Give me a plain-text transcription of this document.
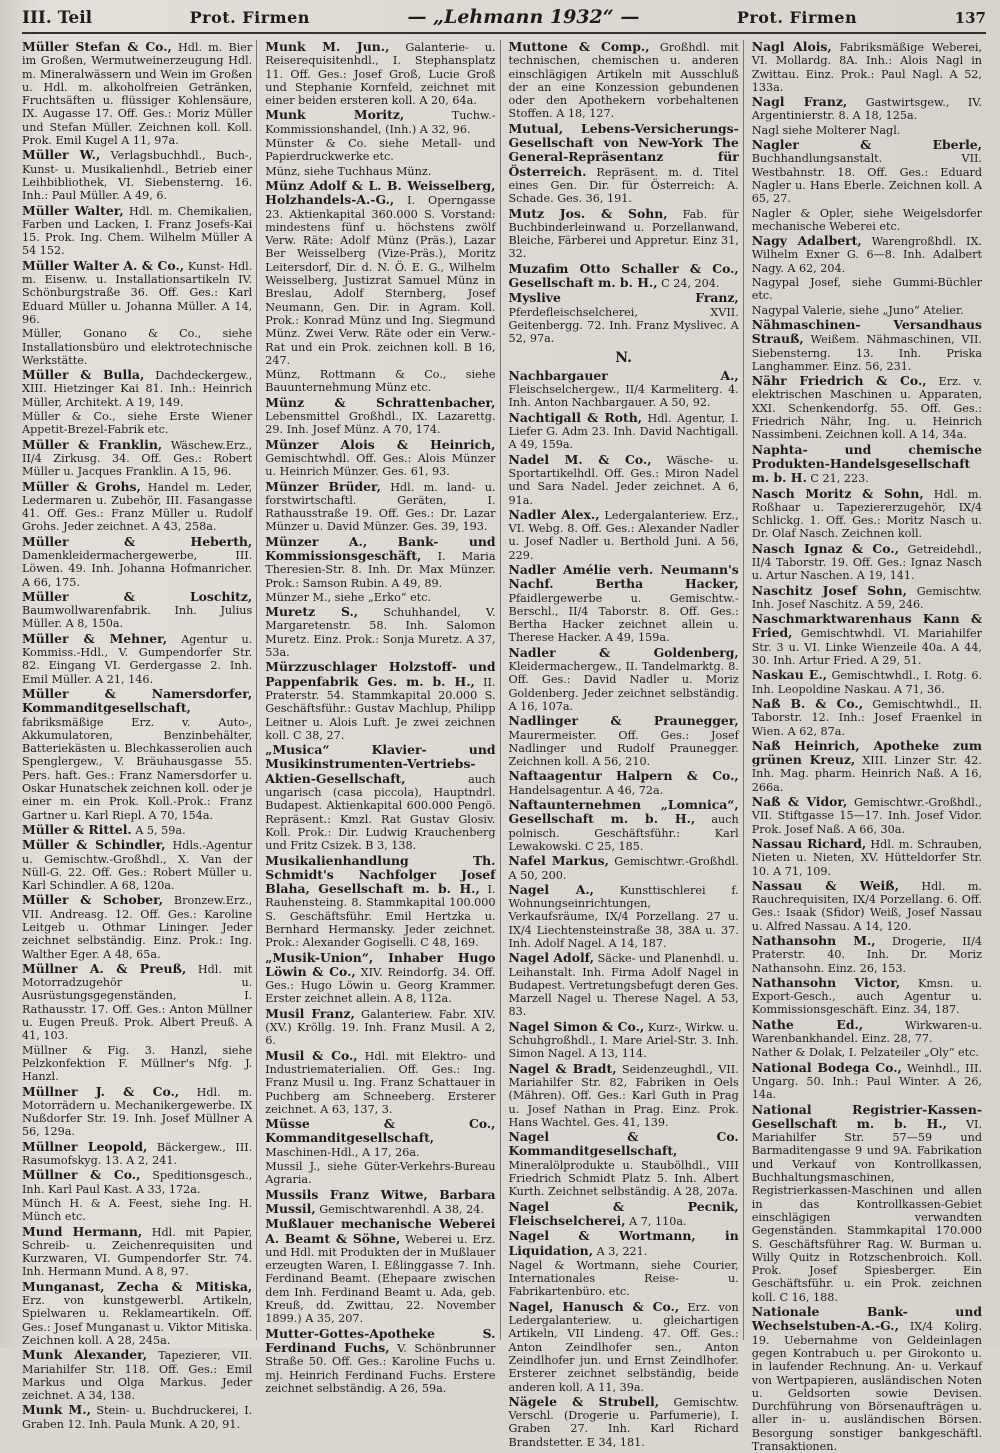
III. Teil	Prot. Firmen	— „Lehmann 1932“ —	Prot. Firmen	137
Müller Stefan & Co., Hdl. m. Bier im Großen, Wermutweinerzeugung Hdl. m. Mineralwässern und Wein im Großen u. Hdl. m. alkoholfreien Getränken, Fruchtsäften u. flüssiger Kohlensäure, IX. Augasse 17. Off. Ges.: Moriz Müller und Stefan Müller. Zeichnen koll. Koll. Prok. Emil Kugel A 11, 97a.
Müller W., Verlagsbuchhdl., Buch-, Kunst- u. Musikalienhdl., Betrieb einer Leihbibliothek, VI. Siebensterng. 16. Inh.: Paul Müller. A 49, 6.
Müller Walter, Hdl. m. Chemikalien, Farben und Lacken, I. Franz Josefs-Kai 15. Prok. Ing. Chem. Wilhelm Müller A 54 152.
Müller Walter A. & Co., Kunst- Hdl. m. Eisenw. u. Installationsartikeln IV. Schönburgstraße 36. Off. Ges.: Karl Eduard Müller u. Johanna Müller. A 14, 96.
Müller, Gonano & Co., siehe Installationsbüro und elektrotechnische Werkstätte.
Müller & Bulla, Dachdeckergew., XIII. Hietzinger Kai 81. Inh.: Heinrich Müller, Architekt. A 19, 149.
Müller & Co., siehe Erste Wiener Appetit-Brezel-Fabrik etc.
Müller & Franklin, Wäschew.Erz., II/4 Zirkusg. 34. Off. Ges.: Robert Müller u. Jacques Franklin. A 15, 96.
Müller & Grohs, Handel m. Leder, Ledermaren u. Zubehör, III. Fasangasse 41. Off. Ges.: Franz Müller u. Rudolf Grohs. Jeder zeichnet. A 43, 258a.
Müller & Heberth, Damenkleidermachergewerbe, III. Löwen. 49. Inh. Johanna Hofmanricher. A 66, 175.
Müller & Loschitz, Baumwollwarenfabrik. Inh. Julius Müller. A 8, 150a.
Müller & Mehner, Agentur u. Kommiss.-Hdl., V. Gumpendorfer Str. 82. Eingang VI. Gerdergasse 2. Inh. Emil Müller. A 21, 146.
Müller & Namersdorfer, Kommanditgesellschaft, fabriksmäßige Erz. v. Auto-, Akkumulatoren, Benzinbehälter, Batteriekästen u. Blechkasserolien auch Spenglergew., V. Bräuhausgasse 55. Pers. haft. Ges.: Franz Namersdorfer u. Oskar Hunatschek zeichnen koll. oder je einer m. ein Prok. Koll.-Prok.: Franz Gartner u. Karl Riepl. A 70, 154a.
Müller & Rittel. A 5, 59a.
Müller & Schindler, Hdls.-Agentur u. Gemischtw.-Großhdl., X. Van der Nüll-G. 22. Off. Ges.: Robert Müller u. Karl Schindler. A 68, 120a.
Müller & Schober, Bronzew.Erz., VII. Andreasg. 12. Off. Ges.: Karoline Leitgeb u. Othmar Lininger. Jeder zeichnet selbständig. Einz. Prok.: Ing. Walther Eger. A 48, 65a.
Müllner A. & Preuß, Hdl. mit Motorradzugehör u. Ausrüstungsgegenständen, I. Rathausstr. 17. Off. Ges.: Anton Müllner u. Eugen Preuß. Prok. Albert Preuß. A 41, 103.
Müllner & Fig. 3. Hanzl, siehe Pelzkonfektion F. Müllner's Nfg. J. Hanzl.
Müllner J. & Co., Hdl. m. Motorrädern u. Mechanikergewerbe. IX Nußdorfer Str. 19. Inh. Josef Müllner A 56, 129a.
Müllner Leopold, Bäckergew., III. Rasumofskyg. 13. A 2, 241.
Müllner & Co., Speditionsgesch., Inh. Karl Paul Kast. A 33, 172a.
Münch H. & A. Feest, siehe Ing. H. Münch etc.
Mund Hermann, Hdl. mit Papier, Schreib- u. Zeichenrequisiten und Kurzwaren, VI. Gumpendorfer Str. 74. Inh. Hermann Mund. A 8, 97.
Munganast, Zecha & Mitiska, Erz. von kunstgewerbl. Artikeln, Spielwaren u. Reklameartikeln. Off. Ges.: Josef Munganast u. Viktor Mitiska. Zeichnen koll. A 28, 245a.
Munk Alexander, Tapezierer, VII. Mariahilfer Str. 118. Off. Ges.: Emil Markus und Olga Markus. Jeder zeichnet. A 34, 138.
Munk M., Stein- u. Buchdruckerei, I. Graben 12. Inh. Paula Munk. A 20, 91.
Munk M. Jun., Galanterie- u. Reiserequisitenhdl., I. Stephansplatz 11. Off. Ges.: Josef Groß, Lucie Groß und Stephanie Kornfeld, zeichnet mit einer beiden ersteren koll. A 20, 64a.
Munk Moritz,	Tuchw.-Kommissionshandel, (Inh.) A 32, 96.
Münster & Co. siehe Metall- und Papierdruckwerke etc.
Münz, siehe Tuchhaus Münz.
Münz Adolf & L. B. Weisselberg, Holzhandels-A.-G., I. Operngasse 23. Aktienkapital 360.000 S. Vorstand: mindestens fünf u. höchstens zwölf Verw. Räte: Adolf Münz (Präs.), Lazar Ber Weisselberg (Vize-Präs.), Moritz Leitersdorf, Dir. d. N. Ö. E. G., Wilhelm Weisselberg, Justizrat Samuel Münz in Breslau, Adolf Sternberg, Josef Neumann, Gen. Dir. in Agram. Koll. Prok.: Konrad Münz und Ing. Siegmund Münz. Zwei Verw. Räte oder ein Verw.-Rat und ein Prok. zeichnen koll. B 16, 247.
Münz, Rottmann & Co., siehe Bauunternehmung Münz etc.
Münz & Schrattenbacher, Lebensmittel Großhdl., IX. Lazarettg. 29. Inh. Josef Münz. A 70, 174.
Münzer Alois & Heinrich, Gemischtwhdl. Off. Ges.: Alois Münzer u. Heinrich Münzer. Ges. 61, 93.
Münzer Brüder, Hdl. m. land- u. forstwirtschaftl. Geräten, I. Rathausstraße 19. Off. Ges.: Dr. Lazar Münzer u. David Münzer. Ges. 39, 193.
Münzer A., Bank- und Kommissionsgeschäft, I. Maria Theresien-Str. 8. Inh. Dr. Max Münzer. Prok.: Samson Rubin. A 49, 89.
Münzer M., siehe „Erko“ etc.
Muretz S., Schuhhandel, V. Margaretenstr. 58. Inh. Salomon Muretz. Einz. Prok.: Sonja Muretz. A 37, 53a.
Mürzzuschlager Holzstoff- und Pappenfabrik Ges. m. b. H., II. Praterstr. 54. Stammkapital 20.000 S. Geschäftsführ.: Gustav Machlup, Philipp Leitner u. Alois Luft. Je zwei zeichnen koll. C 38, 27.
„Musica“ Klavier- und Musikinstrumenten-Vertriebs-Aktien-Gesellschaft,	auch ungarisch (casa piccola), Hauptndrl. Budapest. Aktienkapital 600.000 Pengö. Repräsent.: Kmzl. Rat Gustav Glosiv. Koll. Prok.: Dir. Ludwig Krauchenberg und Fritz Csizek. B 3, 138.
Musikalienhandlung Th. Schmidt's Nachfolger Josef Blaha, Gesellschaft m. b. H., I. Rauhensteing. 8. Stammkapital 100.000 S. Geschäftsführ. Emil Hertzka u. Bernhard Hermansky. Jeder zeichnet. Prok.: Alexander Gogiselli. C 48, 169.
„Musik-Union“, Inhaber Hugo Löwin & Co., XIV. Reindorfg. 34. Off. Ges.: Hugo Löwin u. Georg Krammer. Erster zeichnet allein. A 8, 112a.
Musil Franz, Galanteriew. Fabr. XIV. (XV.) Kröllg. 19. Inh. Franz Musil. A 2, 6.
Musil & Co., Hdl. mit Elektro- und Industriematerialien. Off. Ges.: Ing. Franz Musil u. Ing. Franz Schattauer in Puchberg am Schneeberg. Ersterer zeichnet. A 63, 137, 3.
Müsse & Co., Kommanditgesellschaft, Maschinen-Hdl., A 17, 26a.
Mussil J., siehe Güter-Verkehrs-Bureau Agraria.
Mussils Franz Witwe, Barbara Mussil, Gemischtwarenhdl. A 38, 24.
Mußlauer mechanische Weberei A. Beamt & Söhne, Weberei u. Erz. und Hdl. mit Produkten der in Mußlauer erzeugten Waren, I. Eßlinggasse 7. Inh. Ferdinand Beamt. (Ehepaare zwischen dem Inh. Ferdinand Beamt u. Ada, geb. Kreuß, dd. Zwittau, 22. November 1899.) A 35, 207.
Mutter-Gottes-Apotheke S. Ferdinand Fuchs, V. Schönbrunner Straße 50. Off. Ges.: Karoline Fuchs u. mj. Heinrich Ferdinand Fuchs. Erstere zeichnet selbständig. A 26, 59a.
Muttone & Comp., Großhdl. mit technischen, chemischen u. anderen einschlägigen Artikeln mit Ausschluß der an eine Konzession gebundenen oder den Apothekern vorbehaltenen Stoffen. A 18, 127.
Mutual, Lebens-Versicherungs-Gesellschaft von New-York The General-Repräsentanz für Österreich. Repräsent. m. d. Titel eines Gen. Dir. für Österreich: A. Schade. Ges. 36, 191.
Mutz Jos. & Sohn, Fab. für Buchbinderleinwand u. Porzellanwand, Bleiche, Färberei und Appretur. Einz 31, 32.
Muzafim Otto Schaller & Co., Gesellschaft m. b. H., C 24, 204.
Myslive Franz, Pferdefleischselcherei, XVII. Geitenbergg. 72. Inh. Franz Myslivec. A 52, 97a.
N.
Nachbargauer A., Fleischselchergew., II/4 Karmeliterg. 4. Inh. Anton Nachbargauer. A 50, 92.
Nachtigall & Roth, Hdl. Agentur, I. Liefer G. Adm 23. Inh. David Nachtigall. A 49, 159a.
Nadel M. & Co., Wäsche- u. Sportartikelhdl. Off. Ges.: Miron Nadel und Sara Nadel. Jeder zeichnet. A 6, 91a.
Nadler Alex., Ledergalanteriew. Erz., VI. Webg. 8. Off. Ges.: Alexander Nadler u. Josef Nadler u. Berthold Juni. A 56, 229.
Nadler Amélie verh. Neumann's Nachf. Bertha Hacker, Pfaidlergewerbe u. Gemischtw.-Berschl., II/4 Taborstr. 8. Off. Ges.: Bertha Hacker zeichnet allein u. Therese Hacker. A 49, 159a.
Nadler & Goldenberg, Kleidermachergew., II. Tandelmarktg. 8. Off. Ges.: David Nadler u. Moriz Goldenberg. Jeder zeichnet selbständig. A 16, 107a.
Nadlinger & Praunegger, Maurermeister. Off. Ges.: Josef Nadlinger und Rudolf Praunegger. Zeichnen koll. A 56, 210.
Naftaagentur Halpern & Co., Handelsagentur. A 46, 72a.
Naftaunternehmen „Lomnica“, Gesellschaft m. b. H., auch polnisch. Geschäftsführ.: Karl Lewakowski. C 25, 185.
Nafel Markus, Gemischtwr.-Großhdl. A 50, 200.
Nagel A., Kunsttischlerei f. Wohnungseinrichtungen, Verkaufsräume, IX/4 Porzellang. 27 u. IX/4 Liechtensteinstraße 38, 38A u. 37. Inh. Adolf Nagel. A 14, 187.
Nagel Adolf, Säcke- und Planenhdl. u. Leihanstalt. Inh. Firma Adolf Nagel in Budapest. Vertretungsbefugt deren Ges. Marzell Nagel u. Therese Nagel. A 53, 83.
Nagel Simon & Co., Kurz-, Wirkw. u. Schuhgroßhdl., I. Mare Ariel-Str. 3. Inh. Simon Nagel. A 13, 114.
Nagel & Bradt, Seidenzeughdl., VII. Mariahilfer Str. 82, Fabriken in Oels (Mähren). Off. Ges.: Karl Guth in Prag u. Josef Nathan in Prag. Einz. Prok. Hans Wachtel. Ges. 41, 139.
Nagel & Co. Kommanditgesellschaft, Mineralölprodukte u. Staubölhdl., VIII Friedrich Schmidt Platz 5. Inh. Albert Kurth. Zeichnet selbständig. A 28, 207a.
Nagel & Pecnik, Fleischselcherei, A 7, 110a.
Nagel & Wortmann, in Liquidation, A 3, 221.
Nagel & Wortmann, siehe Courier, Internationales Reise- u. Fabrikartenbüro. etc.
Nagel, Hanusch & Co., Erz. von Ledergalanteriew. u. gleichartigen Artikeln, VII Lindeng. 47. Off. Ges.: Anton Zeindlhofer sen., Anton Zeindlhofer jun. und Ernst Zeindlhofer. Ersterer zeichnet selbständig, beide anderen koll. A 11, 39a.
Nägele & Strubell, Gemischtw. Verschl. (Drogerie u. Parfumerie), I. Graben 27. Inh. Karl Richard Brandstetter. E 34, 181.
Nagl Alois, Fabriksmäßige Weberei, VI. Mollardg. 8A. Inh.: Alois Nagl in Zwittau. Einz. Prok.: Paul Nagl. A 52, 133a.
Nagl Franz, Gastwirtsgew., IV. Argentinierstr. 8. A 18, 125a.
Nagl siehe Molterer Nagl.
Nagler & Eberle, Buchhandlungsanstalt. VII. Westbahnstr. 18. Off. Ges.: Eduard Nagler u. Hans Eberle. Zeichnen koll. A 65, 27.
Nagler & Opler, siehe Weigelsdorfer mechanische Weberei etc.
Nagy Adalbert, Warengroßhdl. IX. Wilhelm Exner G. 6—8. Inh. Adalbert Nagy. A 62, 204.
Nagypal Josef, siehe Gummi-Büchler etc.
Nagypal Valerie, siehe „Juno“ Atelier.
Nähmaschinen- Versandhaus Strauß, Weißem. Nähmaschinen, VII. Siebensterng. 13. Inh. Priska Langhammer. Einz. 56, 231.
Nähr Friedrich & Co., Erz. v. elektrischen Maschinen u. Apparaten, XXI. Schenkendorfg. 55. Off. Ges.: Friedrich Nähr, Ing. u. Heinrich Nassimbeni. Zeichnen koll. A 14, 34a.
Naphta- und chemische Produkten-Handelsgesellschaft m. b. H. C 21, 223.
Nasch Moritz & Sohn, Hdl. m. Roßhaar u. Tapeziererzugehör, IX/4 Schlickg. 1. Off. Ges.: Moritz Nasch u. Dr. Olaf Nasch. Zeichnen koll.
Nasch Ignaz & Co., Getreidehdl., II/4 Taborstr. 19. Off. Ges.: Ignaz Nasch u. Artur Naschen. A 19, 141.
Naschitz Josef Sohn, Gemischtw. Inh. Josef Naschitz. A 59, 246.
Naschmarktwarenhaus Kann & Fried, Gemischtwhdl. VI. Mariahilfer Str. 3 u. VI. Linke Wienzeile 40a. A 44, 30. Inh. Artur Fried. A 29, 51.
Naskau E., Gemischtwhdl., I. Rotg. 6. Inh. Leopoldine Naskau. A 71, 36.
Naß B. & Co., Gemischtwhdl., II. Taborstr. 12. Inh.: Josef Fraenkel in Wien. A 62, 87a.
Naß Heinrich, Apotheke zum grünen Kreuz, XIII. Linzer Str. 42. Inh. Mag. pharm. Heinrich Naß. A 16, 266a.
Naß & Vidor, Gemischtwr.-Großhdl., VII. Stiftgasse 15—17. Inh. Josef Vidor. Prok. Josef Naß. A 66, 30a.
Nassau Richard, Hdl. m. Schrauben, Nieten u. Nieten, XV. Hütteldorfer Str. 10. A 71, 109.
Nassau & Weiß, Hdl. m. Rauchrequisiten, IX/4 Porzellang. 6. Off. Ges.: Isaak (Sfidor) Weiß, Josef Nassau u. Alfred Nassau. A 14, 120.
Nathansohn M., Drogerie, II/4 Praterstr. 40. Inh. Dr. Moriz Nathansohn. Einz. 26, 153.
Nathansohn Victor, Kmsn. u. Export-Gesch., auch Agentur u. Kommissionsgeschäft. Einz. 34, 187.
Nathe Ed.,	Wirkwaren-u. Warenbankhandel. Einz. 28, 77.
Nather & Dolak, I. Pelzateiler „Oly“ etc.
National Bodega Co., Weinhdl., III. Ungarg. 50. Inh.: Paul Winter. A 26, 14a.
National Registrier-Kassen-Gesellschaft m. b. H., VI. Mariahilfer Str. 57—59 und Barmaditengasse 9 und 9A. Fabrikation und Verkauf von Kontrollkassen, Buchhaltungsmaschinen, Registrierkassen-Maschinen und allen in das Kontrollkassen-Gebiet einschlägigen verwandten Gegenständen. Stammkapital 170.000 S. Geschäftsführer Rag. W. Burman u. Willy Quitz in Rotzschenbroich. Koll. Prok. Josef Spiesberger. Ein Geschäftsführ. u. ein Prok. zeichnen koll. C 16, 188.
Nationale Bank- und Wechselstuben-A.-G., IX/4 Kolirg. 19. Uebernahme von Geldeinlagen gegen Kontrabuch u. per Girokonto u. in laufender Rechnung. An- u. Verkauf von Wertpapieren, ausländischen Noten u. Geldsorten sowie Devisen. Durchführung von Börsenaufträgen u. aller in- u. ausländischen Börsen. Besorgung sonstiger bankgeschäftl. Transaktionen.
